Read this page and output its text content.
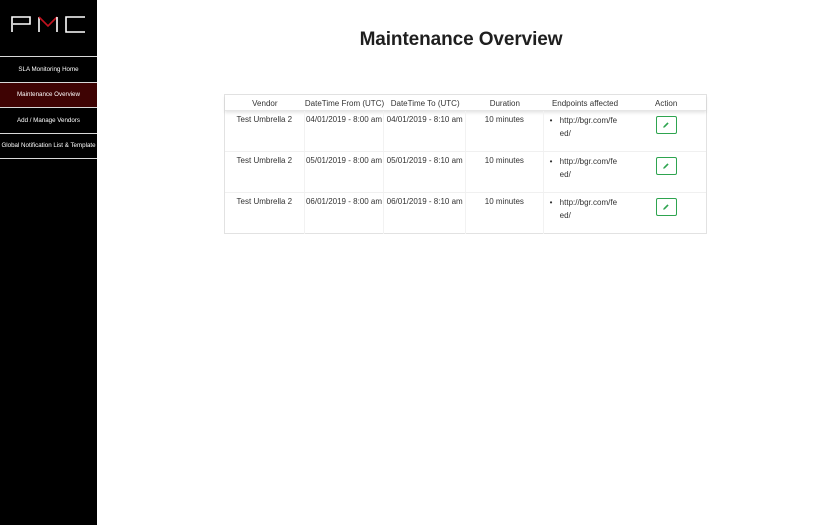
SLA Monitoring Home
Maintenance Overview
Add / Manage Vendors
Global Notification List & Template
Maintenance Overview
Vendor	DateTime From (UTC) DateTime To (UTC)	Duration	Endpoints affected	Action
Test Umbrella 2	04/01/2019 - 8:00 am 04/01/2019 - 8:10 am	10 minutes	• http://bgr.com/feed/
Test Umbrella 2	05/01/2019 - 8:00 am 05/01/2019 - 8:10 am	10 minutes	• http://bgr.com/feed/
Test Umbrella 2	06/01/2019 - 8:00 am 06/01/2019 - 8:10 am	10 minutes	• http://bgr.com/feed/
